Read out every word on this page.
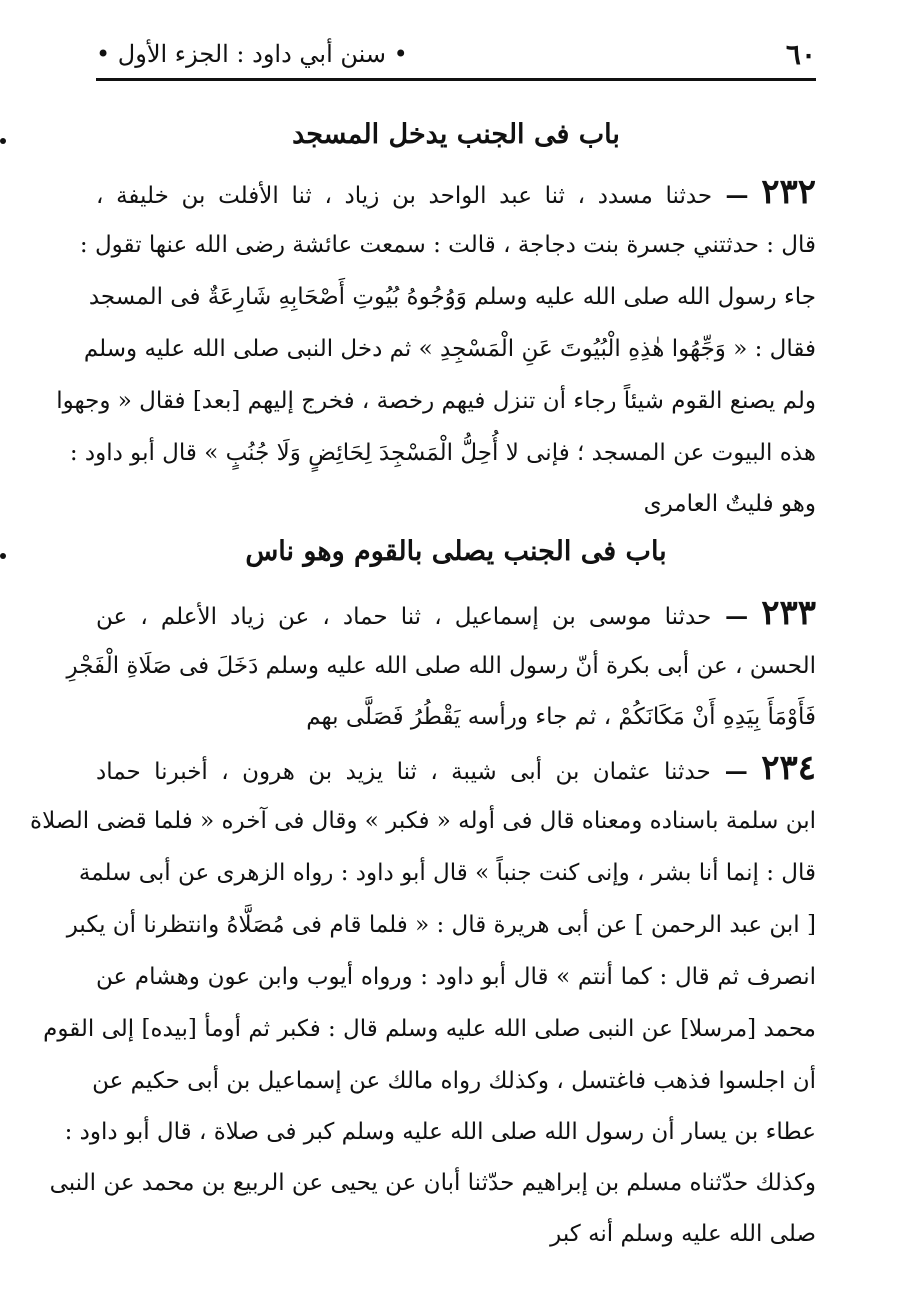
٦٠
• سنن أبي داود : الجزء الأول •
باب فى الجنب يدخل المسجد
٢٣٢ — حدثنا مسدد ، ثنا عبد الواحد بن زياد ، ثنا الأفلت بن خليفة ،
قال : حدثتني جسرة بنت دجاجة ، قالت : سمعت عائشة رضى الله عنها تقول :
جاء رسول الله صلى الله عليه وسلم وَوُجُوهُ بُيُوتِ أَصْحَابِهِ شَارِعَةٌ فى المسجد
فقال : « وَجِّهُوا هٰذِهِ الْبُيُوتَ عَنِ الْمَسْجِدِ » ثم دخل النبى صلى الله عليه وسلم
ولم يصنع القوم شيئاً رجاء أن تنزل فيهم رخصة ، فخرج إليهم [بعد] فقال « وجهوا
هذه البيوت عن المسجد ؛ فإنى لا أُحِلُّ الْمَسْجِدَ لِحَائِضٍ وَلَا جُنُبٍ » قال أبو داود :
وهو فليتٌ العامرى
باب فى الجنب يصلى بالقوم وهو ناس
٢٣٣ — حدثنا موسى بن إسماعيل ، ثنا حماد ، عن زياد الأعلم ، عن
الحسن ، عن أبى بكرة أنّ رسول الله صلى الله عليه وسلم دَخَلَ فى صَلَاةِ الْفَجْرِ
فَأَوْمَأَ بِيَدِهِ أَنْ مَكَانَكُمْ ، ثم جاء ورأسه يَقْطُرُ فَصَلَّى بهم
٢٣٤ — حدثنا عثمان بن أبى شيبة ، ثنا يزيد بن هرون ، أخبرنا حماد
ابن سلمة باسناده ومعناه قال فى أوله « فكبر » وقال فى آخره « فلما قضى الصلاة
قال : إنما أنا بشر ، وإنى كنت جنباً » قال أبو داود : رواه الزهرى عن أبى سلمة
[ ابن عبد الرحمن ] عن أبى هريرة قال : « فلما قام فى مُصَلَّاهُ وانتظرنا أن يكبر
انصرف ثم قال : كما أنتم » قال أبو داود : ورواه أيوب وابن عون وهشام عن
محمد [مرسلا] عن النبى صلى الله عليه وسلم قال : فكبر ثم أومأ [بيده] إلى القوم
أن اجلسوا فذهب فاغتسل ، وكذلك رواه مالك عن إسماعيل بن أبى حكيم عن
عطاء بن يسار أن رسول الله صلى الله عليه وسلم كبر فى صلاة ، قال أبو داود :
وكذلك حدّثناه مسلم بن إبراهيم حدّثنا أبان عن يحيى عن الربيع بن محمد عن النبى
صلى الله عليه وسلم أنه كبر
